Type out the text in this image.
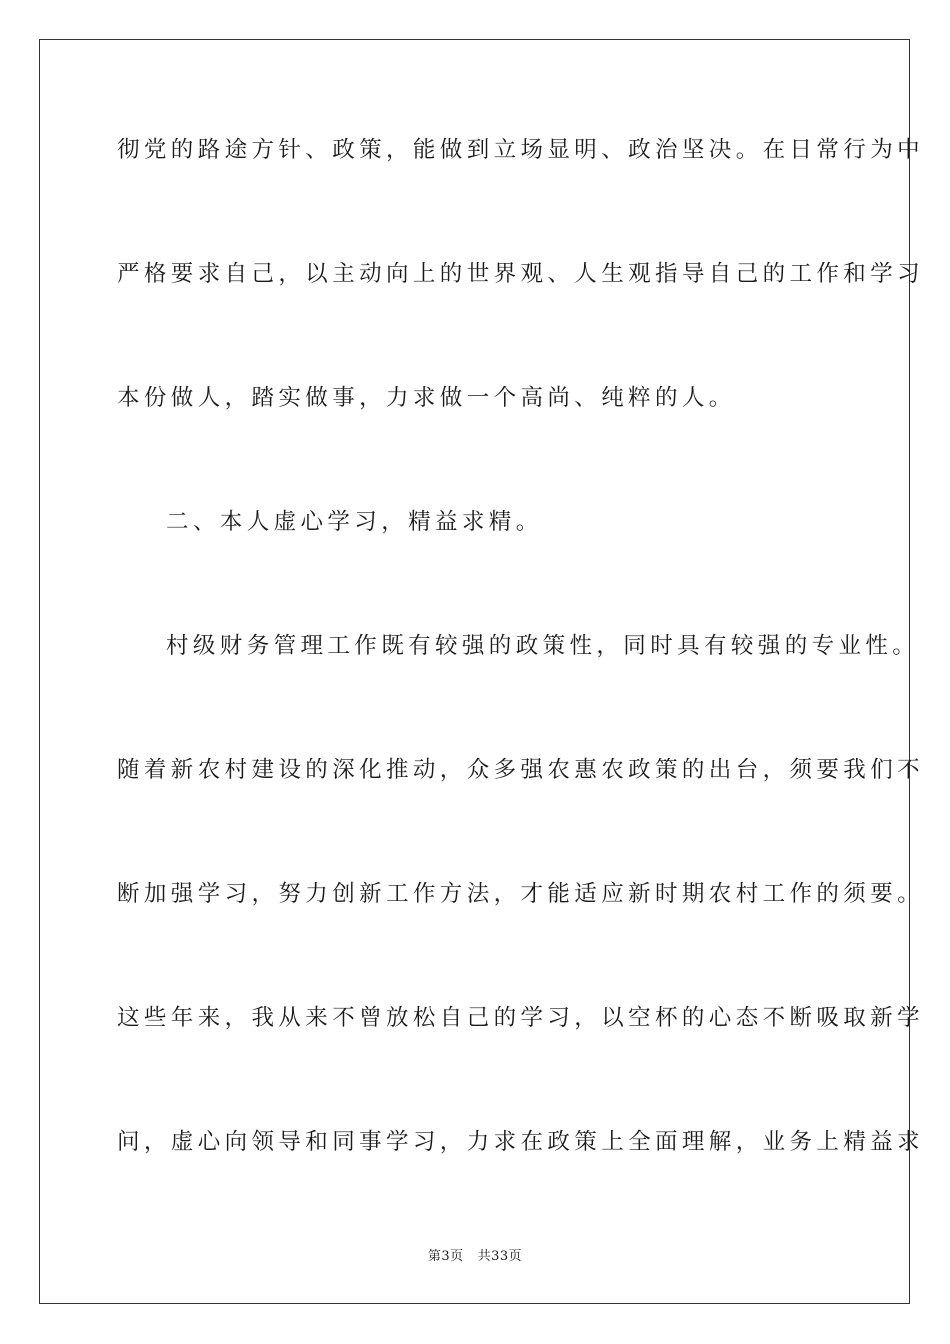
彻党的路途方针、政策，能做到立场显明、政治坚决。在日常行为中
严格要求自己，以主动向上的世界观、人生观指导自己的工作和学习
本份做人，踏实做事，力求做一个高尚、纯粹的人。
二、本人虚心学习，精益求精。
村级财务管理工作既有较强的政策性，同时具有较强的专业性。
随着新农村建设的深化推动，众多强农惠农政策的出台，须要我们不
断加强学习，努力创新工作方法，才能适应新时期农村工作的须要。
这些年来，我从来不曾放松自己的学习，以空杯的心态不断吸取新学
问，虚心向领导和同事学习，力求在政策上全面理解，业务上精益求
第3页 共33页
